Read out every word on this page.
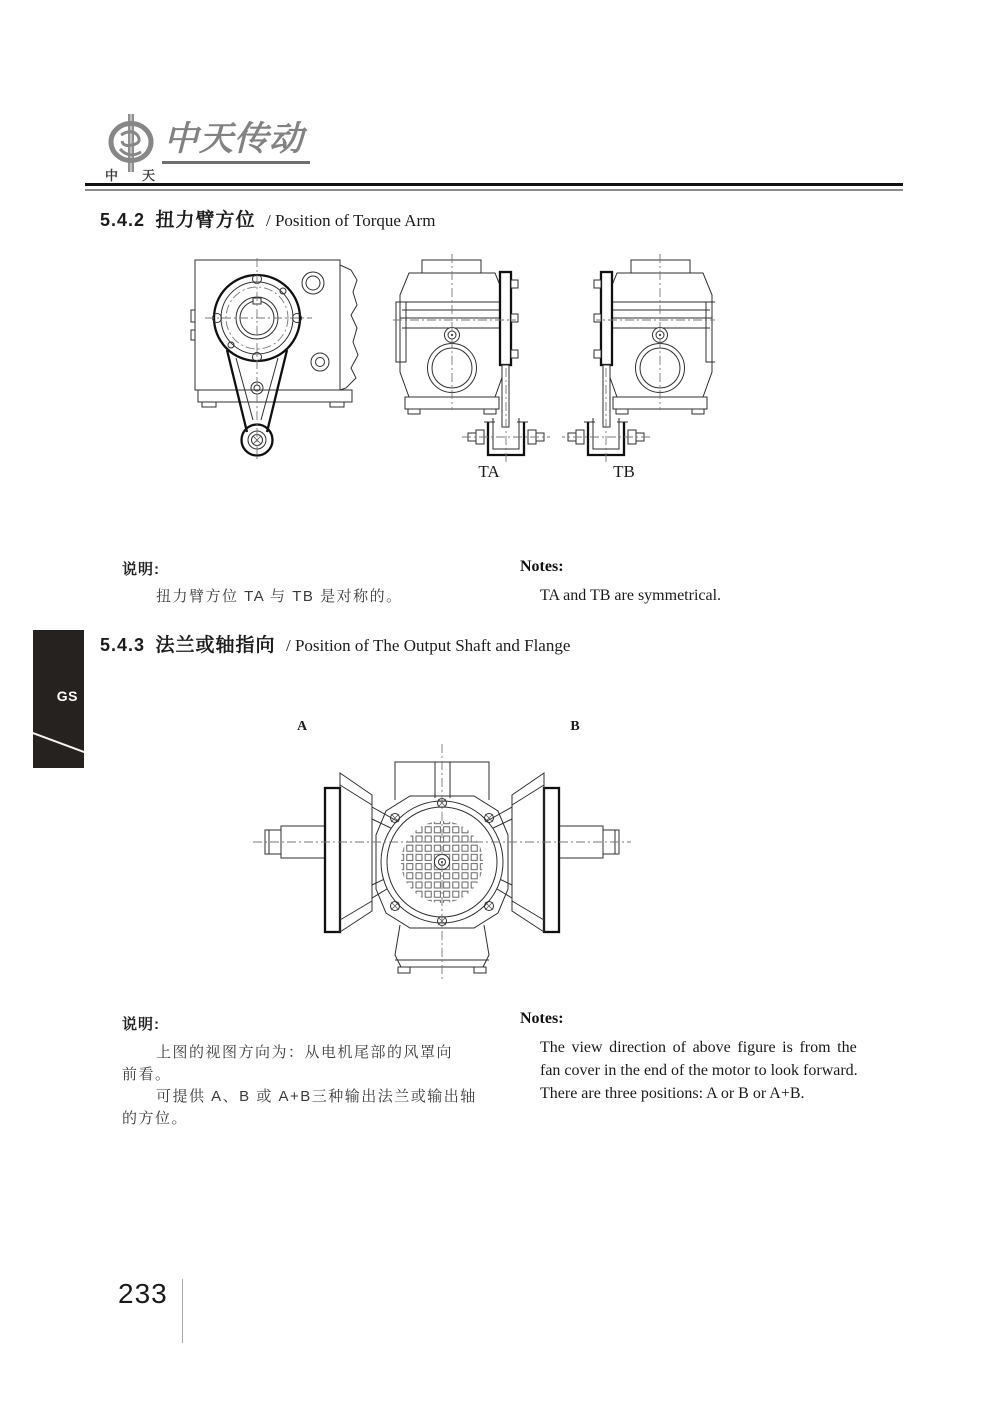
中 天
中天传动
5.4.2 扭力臂方位 / Position of Torque Arm
TA	TB
说明:
扭力臂方位 TA 与 TB 是对称的。
Notes:
TA and TB are symmetrical.
5.4.3 法兰或轴指向 / Position of The Output Shaft and Flange
GS
A	B
说明:
上图的视图方向为：从电机尾部的风罩向
前看。
可提供 A、B 或 A+B三种输出法兰或输出轴
的方位。
Notes:
The view direction of above figure is from the
fan cover in the end of the motor to look forward.
There are three positions: A or B or A+B.
233
